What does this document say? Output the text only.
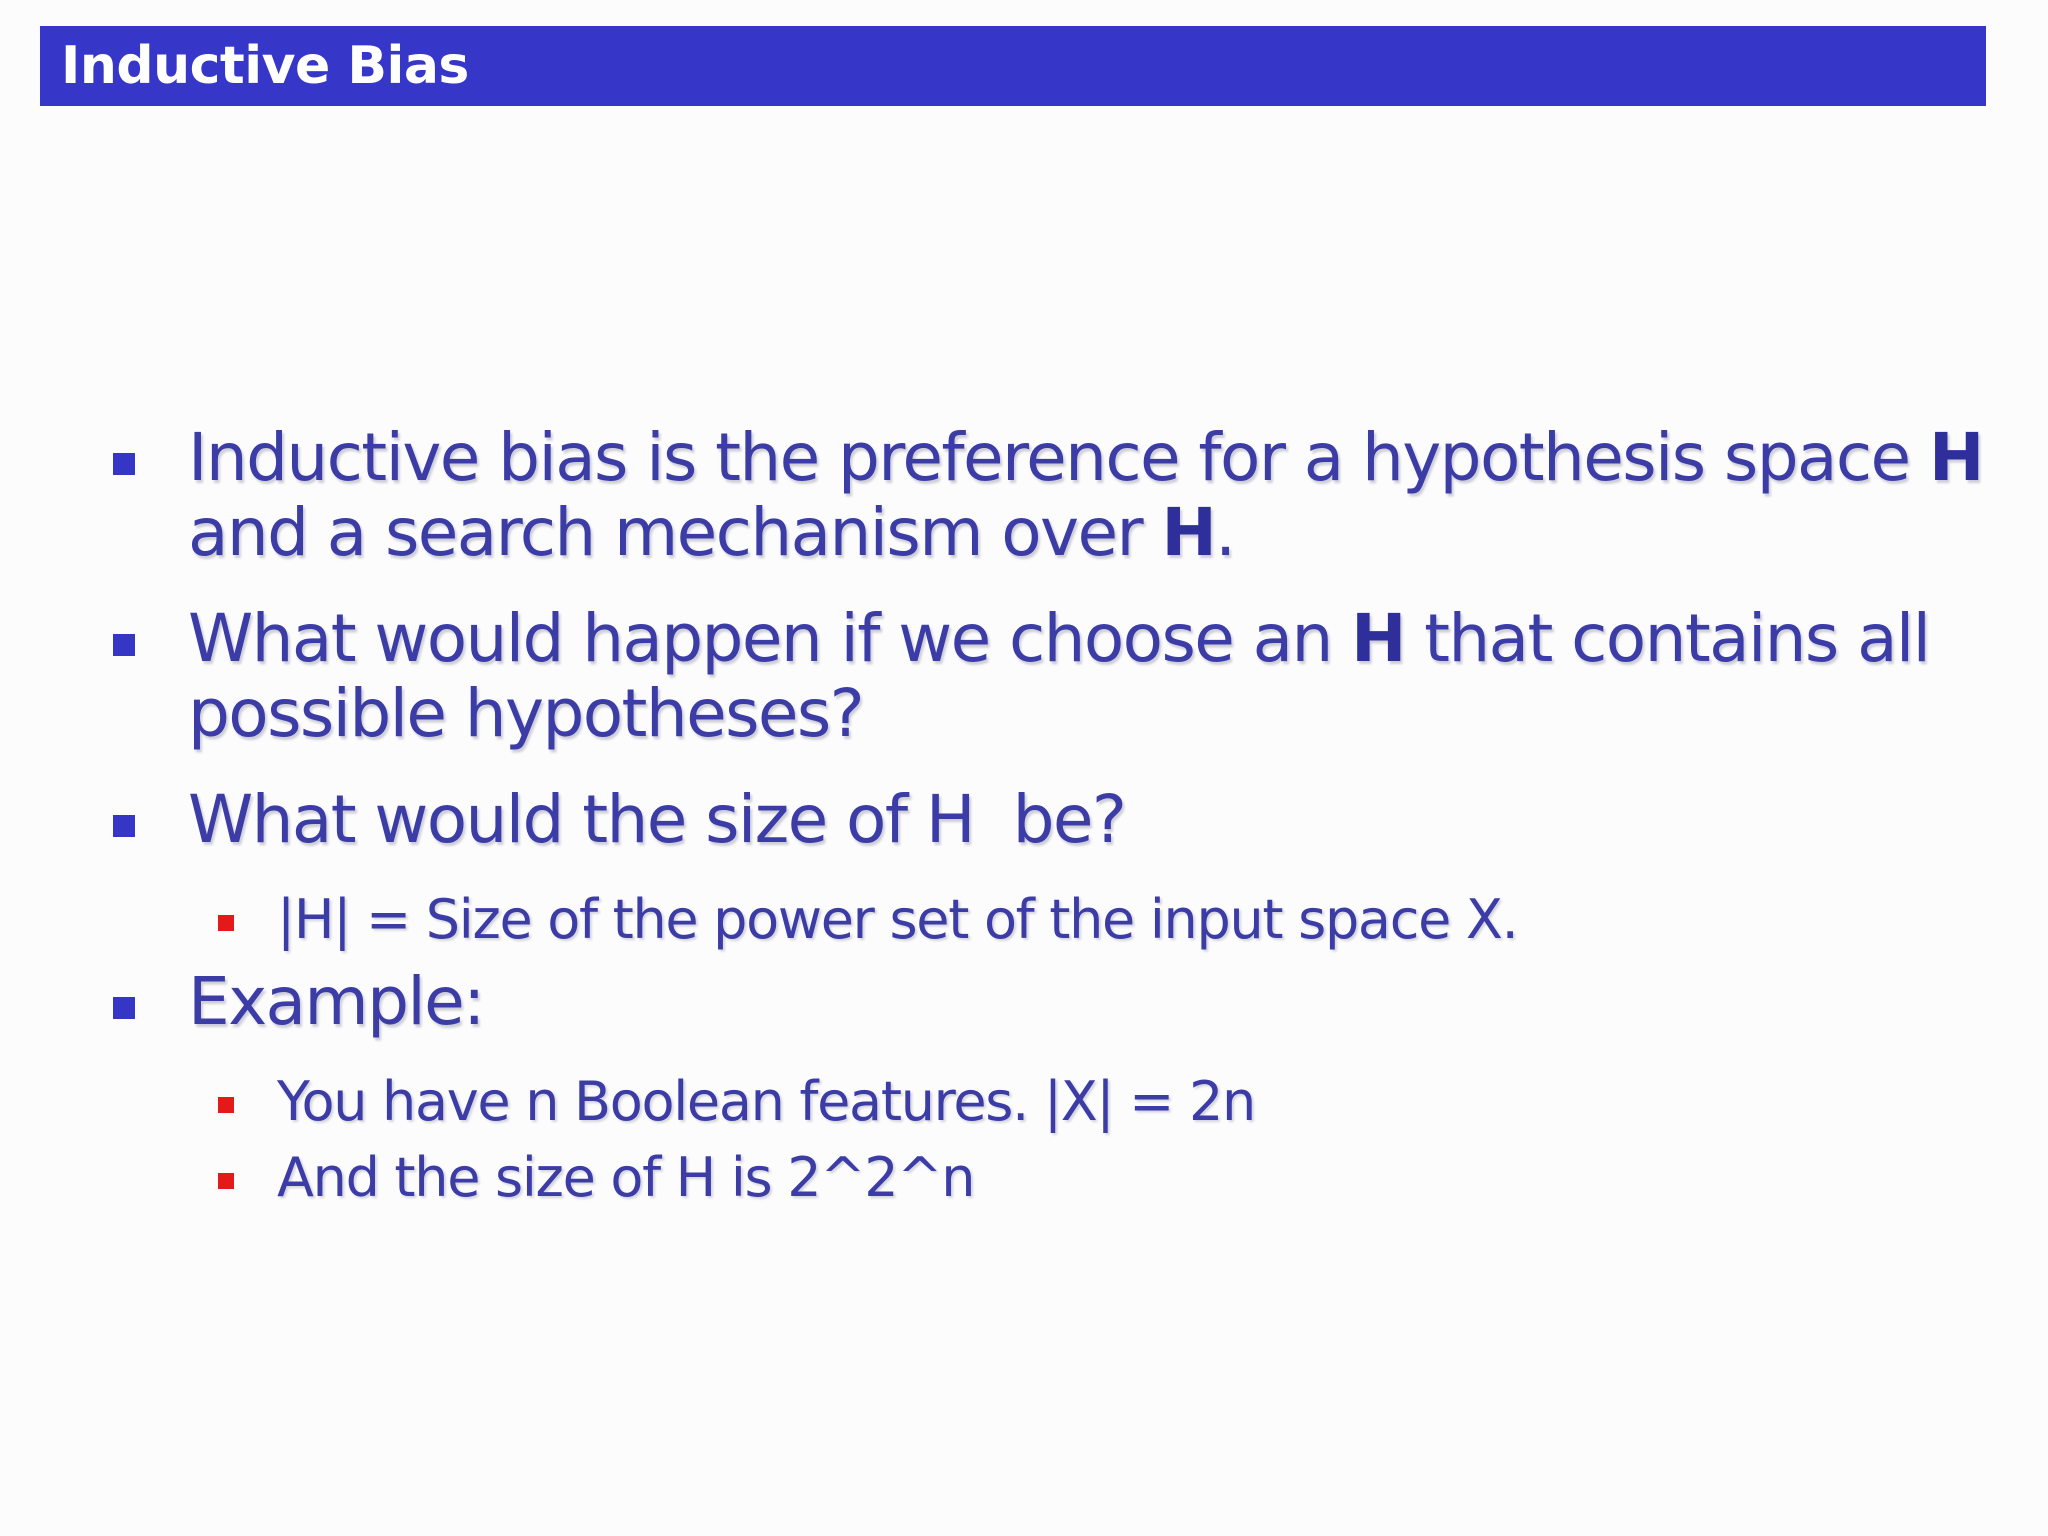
Inductive Bias
Inductive bias is the preference for a hypothesis space H
and a search mechanism over H.
What would happen if we choose an H that contains all
possible hypotheses?
What would the size of H  be?
|H| = Size of the power set of the input space X.
Example:
You have n Boolean features. |X| = 2n
And the size of H is 2^2^n
